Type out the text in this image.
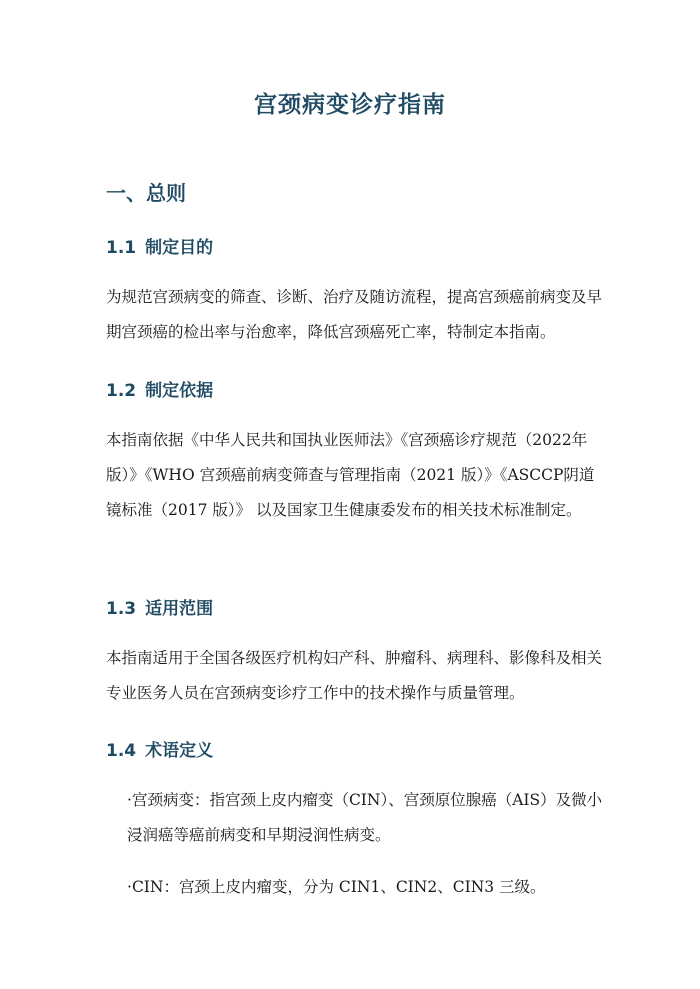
宫颈病变诊疗指南
一、总则
1.1 制定目的
为规范宫颈病变的筛查、诊断、治疗及随访流程，提高宫颈癌前病变及早期宫颈癌的检出率与治愈率，降低宫颈癌死亡率，特制定本指南。
1.2 制定依据
本指南依据《中华人民共和国执业医师法》《宫颈癌诊疗规范（2022年版）》《WHO 宫颈癌前病变筛查与管理指南（2021 版）》《ASCCP阴道镜标准（2017 版）》 以及国家卫生健康委发布的相关技术标准制定。
1.3 适用范围
本指南适用于全国各级医疗机构妇产科、肿瘤科、病理科、影像科及相关专业医务人员在宫颈病变诊疗工作中的技术操作与质量管理。
1.4 术语定义
·宫颈病变：指宫颈上皮内瘤变（CIN）、宫颈原位腺癌（AIS）及微小浸润癌等癌前病变和早期浸润性病变。
·CIN：宫颈上皮内瘤变，分为 CIN1、CIN2、CIN3 三级。
